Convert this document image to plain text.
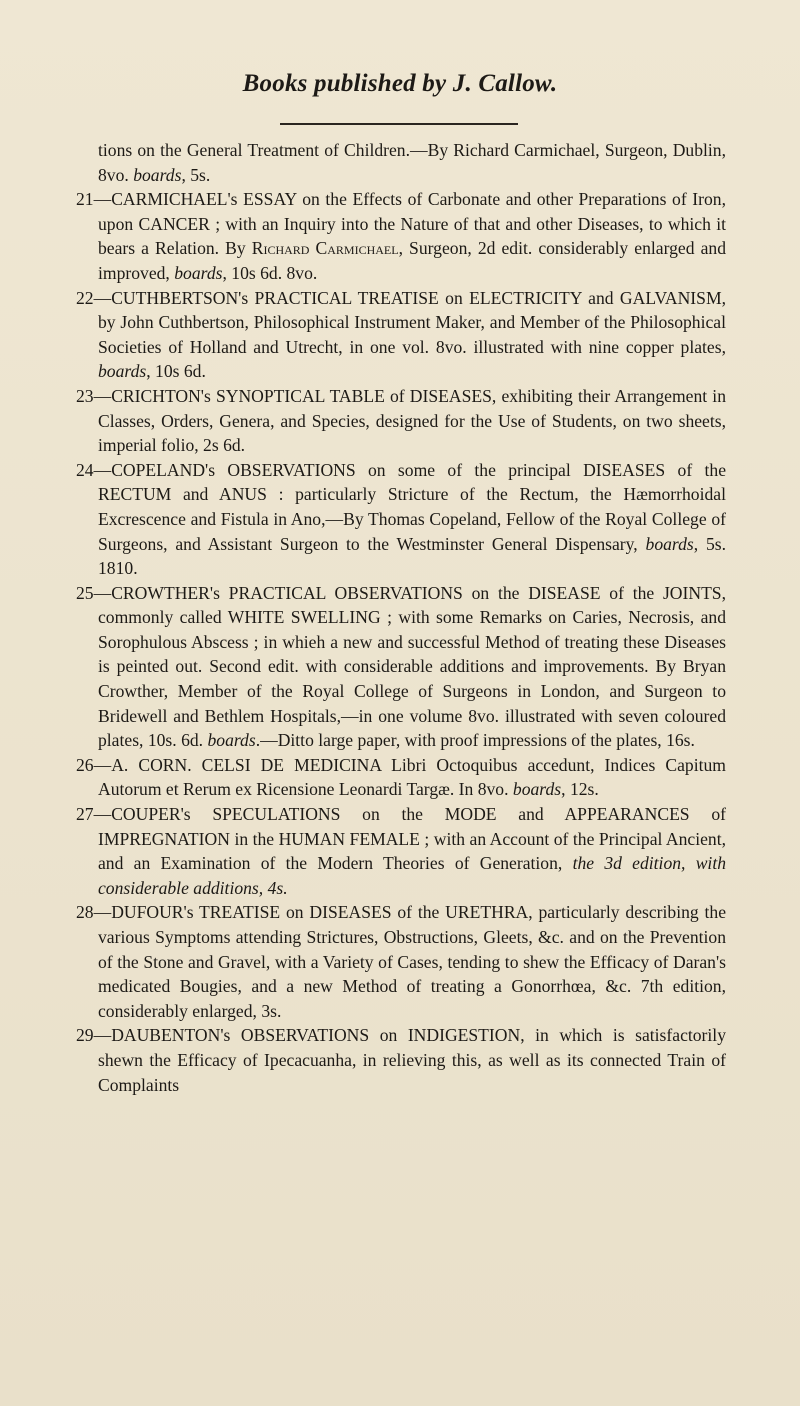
Books published by J. Callow.

tions on the General Treatment of Children.—By Richard Carmichael, Surgeon, Dublin, 8vo. boards, 5s.

21—CARMICHAEL's ESSAY on the Effects of Carbonate and other Preparations of Iron, upon CANCER ; with an Inquiry into the Nature of that and other Diseases, to which it bears a Relation. By Richard Carmichael, Surgeon, 2d edit. considerably enlarged and improved, boards, 10s 6d. 8vo.

22—CUTHBERTSON's PRACTICAL TREATISE on ELECTRICITY and GALVANISM, by John Cuthbertson, Philosophical Instrument Maker, and Member of the Philosophical Societies of Holland and Utrecht, in one vol. 8vo. illustrated with nine copper plates, boards, 10s 6d.

23—CRICHTON's SYNOPTICAL TABLE of DISEASES, exhibiting their Arrangement in Classes, Orders, Genera, and Species, designed for the Use of Students, on two sheets, imperial folio, 2s 6d.

24—COPELAND's OBSERVATIONS on some of the principal DISEASES of the RECTUM and ANUS : particularly Stricture of the Rectum, the Hæmorrhoidal Excrescence and Fistula in Ano,—By Thomas Copeland, Fellow of the Royal College of Surgeons, and Assistant Surgeon to the Westminster General Dispensary, boards, 5s. 1810.

25—CROWTHER's PRACTICAL OBSERVATIONS on the DISEASE of the JOINTS, commonly called WHITE SWELLING ; with some Remarks on Caries, Necrosis, and Sorophulous Abscess ; in whieh a new and successful Method of treating these Diseases is peinted out. Second edit. with considerable additions and improvements. By Bryan Crowther, Member of the Royal College of Surgeons in London, and Surgeon to Bridewell and Bethlem Hospitals,—in one volume 8vo. illustrated with seven coloured plates, 10s. 6d. boards.—Ditto large paper, with proof impressions of the plates, 16s.

26—A. CORN. CELSI DE MEDICINA Libri Octoquibus accedunt, Indices Capitum Autorum et Rerum ex Ricensione Leonardi Targæ. In 8vo. boards, 12s.

27—COUPER's SPECULATIONS on the MODE and APPEARANCES of IMPREGNATION in the HUMAN FEMALE ; with an Account of the Principal Ancient, and an Examination of the Modern Theories of Generation, the 3d edition, with considerable additions, 4s.

28—DUFOUR's TREATISE on DISEASES of the URETHRA, particularly describing the various Symptoms attending Strictures, Obstructions, Gleets, &c. and on the Prevention of the Stone and Gravel, with a Variety of Cases, tending to shew the Efficacy of Daran's medicated Bougies, and a new Method of treating a Gonorrhœa, &c. 7th edition, considerably enlarged, 3s.

29—DAUBENTON's OBSERVATIONS on INDIGESTION, in which is satisfactorily shewn the Efficacy of Ipecacuanha, in relieving this, as well as its connected Train of Complaints
